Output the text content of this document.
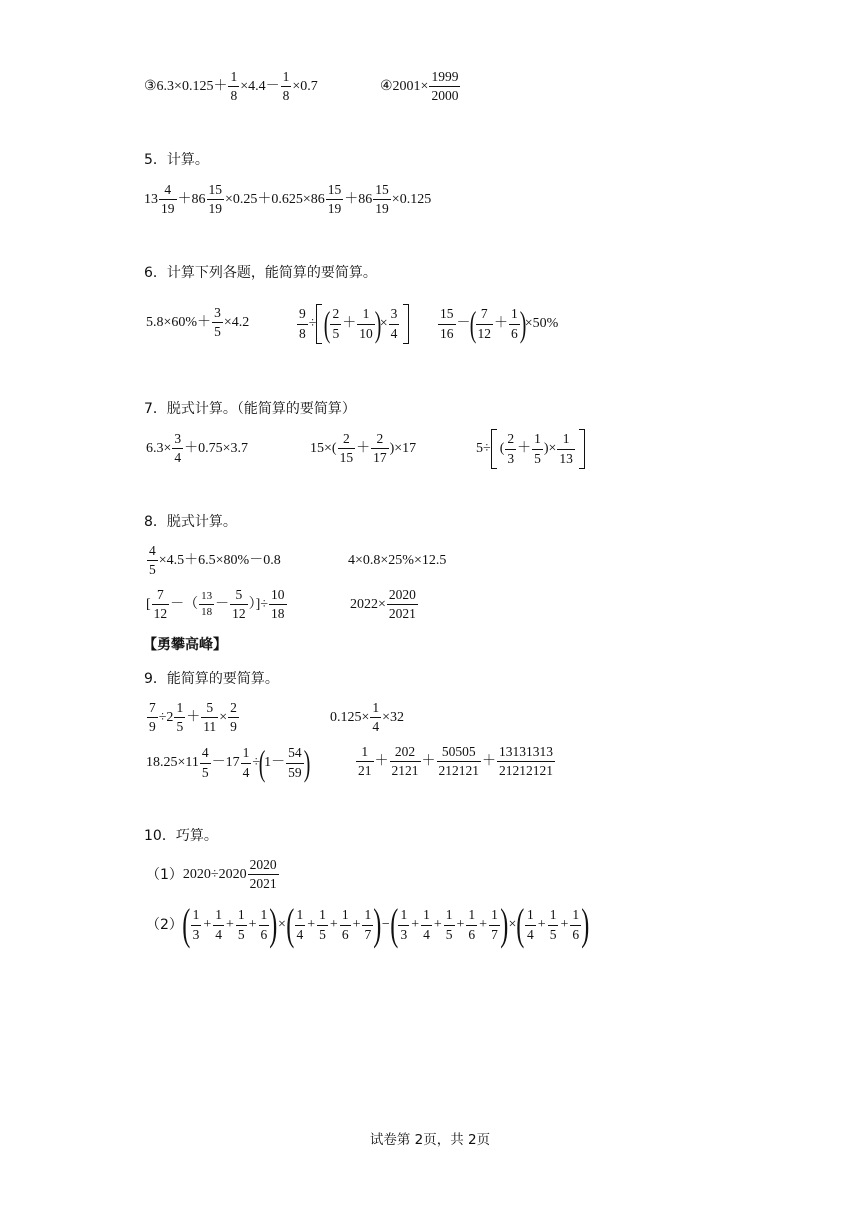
③6.3×0.125＋ $\frac{1}{8} \times 4.4- \frac{1}{8} \times 0.7$	④2001× $\frac{1999}{2000}$
5．计算。
$13 \frac{4}{19} +86 \frac{15}{19} \times 0.25+0.625\times 86 \frac{15}{19} +86 \frac{15}{19} \times 0.125$
6．计算下列各题，能简算的要简算。
$5.8\times 60\%+ \frac{3}{5} \times 4.2$	$\frac{9}{8}$ ÷ ( $\frac{2}{5} + \frac{1}{10}$ )
× $\frac{3}{4}$	$\frac{15}{16}$ －
( $\frac{7}{12} + \frac{1}{6}$ )
×50%
7．脱式计算。（能简算的要简算）
$6.3\times \frac{3}{4} +0.75\times 3.7$	$15\times( \frac{2}{15} + \frac{2}{17} )\times 17$	5÷ ( $\frac{2}{3} + \frac{1}{5}$ )× $\frac{1}{13}$
8．脱式计算。
$\frac{4}{5} \times 4.5+6.5\times 80\%-0.8$	4×0.8×25%×12.5
[ $\frac{7}{12}$ －（ $\frac{13}{18} - \frac{5}{12}$ ）]÷ $\frac{10}{18}$	$2022\times \frac{2020}{2021}$
【勇攀高峰】
9．能简算的要简算。
$\frac{7}{9} \div 2 \frac{1}{5} + \frac{5}{11} \times \frac{2}{9}$	$0.125\times \frac{1}{4} \times 32$
$18.25\times 11 \frac{4}{5} -17 \frac{1}{4}$ ÷
(
$1- \frac{54}{59}$ )	$\frac{1}{21} + \frac{202}{2121} + \frac{50505}{212121} + \frac{13131313}{21212121}$
10．巧算。
（1） $2020\div 2020 \frac{2020}{2021}$
（2） ( $\frac{1}{3} + \frac{1}{4} + \frac{1}{5} + \frac{1}{6}$ ) × ( $\frac{1}{4} + \frac{1}{5} + \frac{1}{6} + \frac{1}{7}$ ) − ( $\frac{1}{3} + \frac{1}{4} + \frac{1}{5} + \frac{1}{6} + \frac{1}{7}$ ) × ( $\frac{1}{4} + \frac{1}{5} + \frac{1}{6}$ )
试卷第 2页，共 2页
